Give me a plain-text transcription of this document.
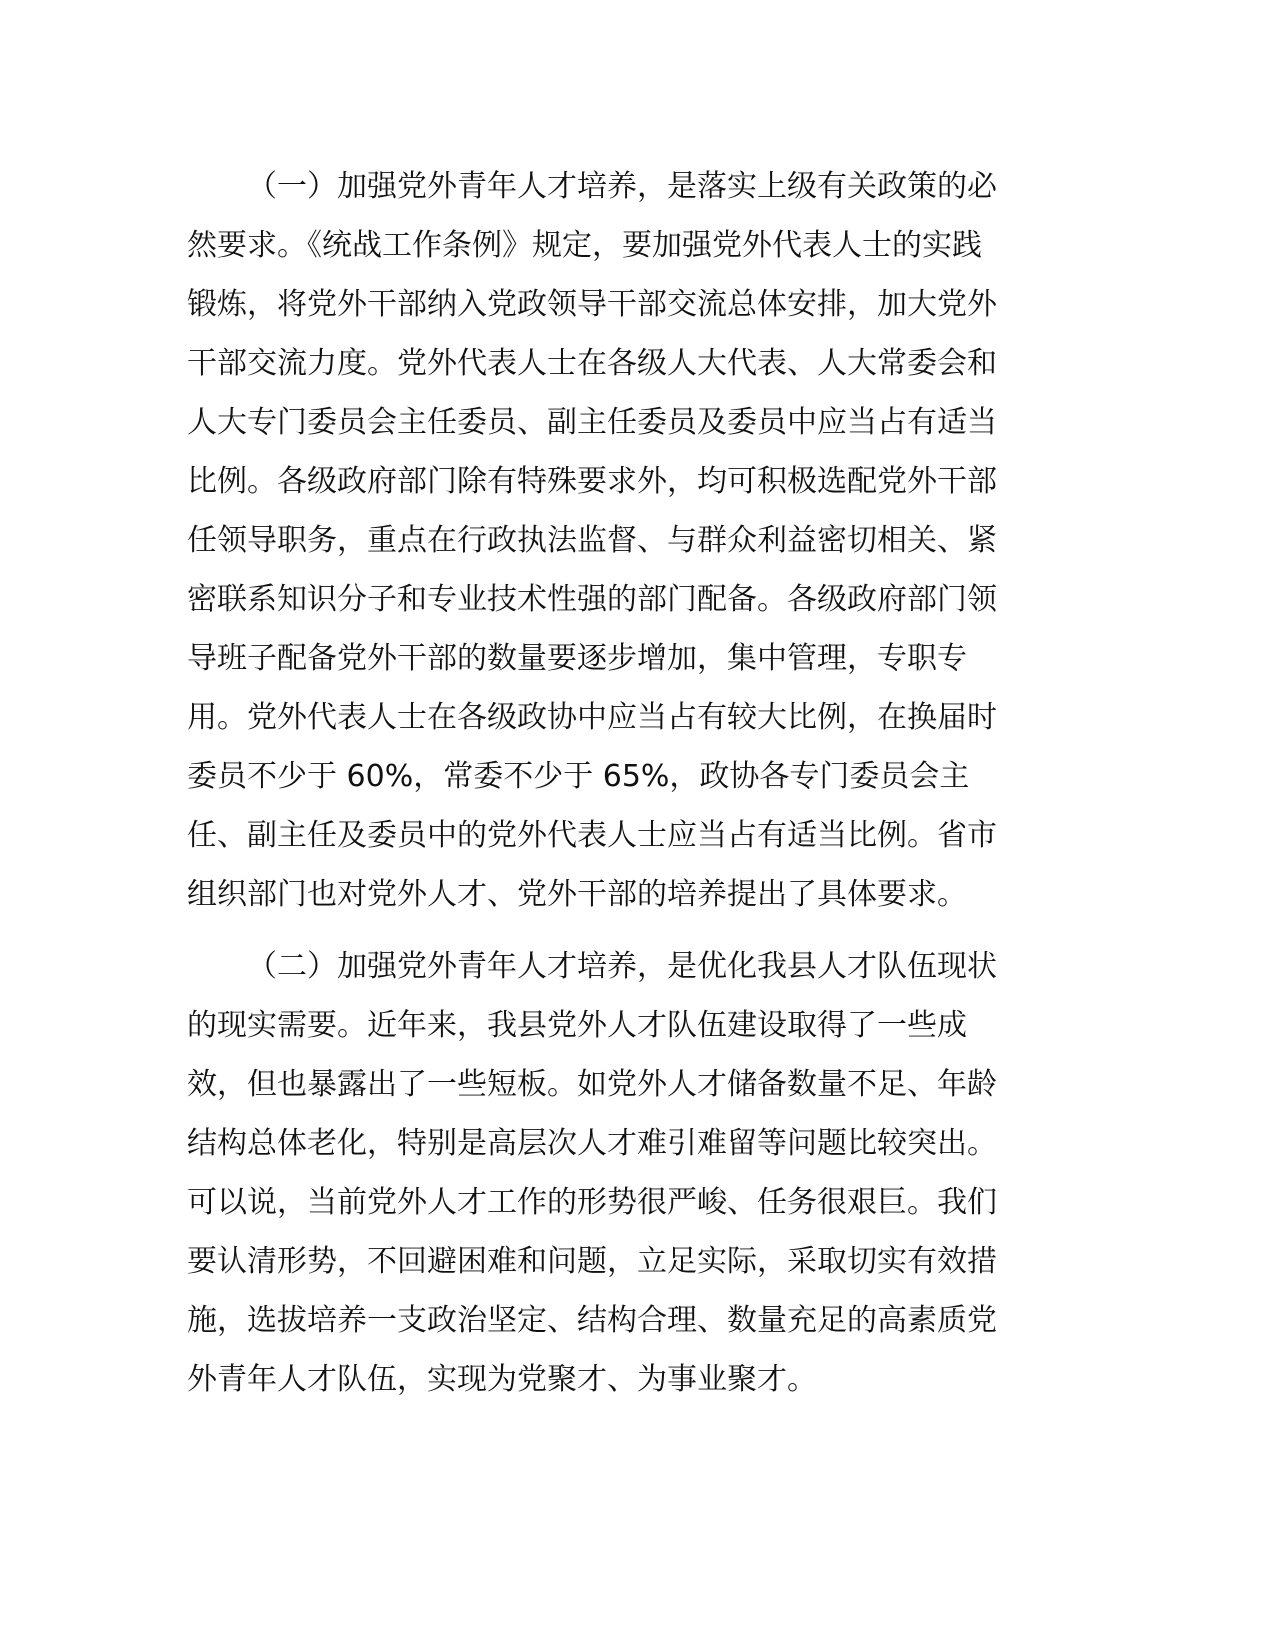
（一）加强党外青年人才培养，是落实上级有关政策的必
然要求。《统战工作条例》规定，要加强党外代表人士的实践
锻炼，将党外干部纳入党政领导干部交流总体安排，加大党外
干部交流力度。党外代表人士在各级人大代表、人大常委会和
人大专门委员会主任委员、副主任委员及委员中应当占有适当
比例。各级政府部门除有特殊要求外，均可积极选配党外干部
任领导职务，重点在行政执法监督、与群众利益密切相关、紧
密联系知识分子和专业技术性强的部门配备。各级政府部门领
导班子配备党外干部的数量要逐步增加，集中管理，专职专
用。党外代表人士在各级政协中应当占有较大比例，在换届时
委员不少于 60%，常委不少于 65%，政协各专门委员会主
任、副主任及委员中的党外代表人士应当占有适当比例。省市
组织部门也对党外人才、党外干部的培养提出了具体要求。
（二）加强党外青年人才培养，是优化我县人才队伍现状
的现实需要。近年来，我县党外人才队伍建设取得了一些成
效，但也暴露出了一些短板。如党外人才储备数量不足、年龄
结构总体老化，特别是高层次人才难引难留等问题比较突出。
可以说，当前党外人才工作的形势很严峻、任务很艰巨。我们
要认清形势，不回避困难和问题，立足实际，采取切实有效措
施，选拔培养一支政治坚定、结构合理、数量充足的高素质党
外青年人才队伍，实现为党聚才、为事业聚才。
